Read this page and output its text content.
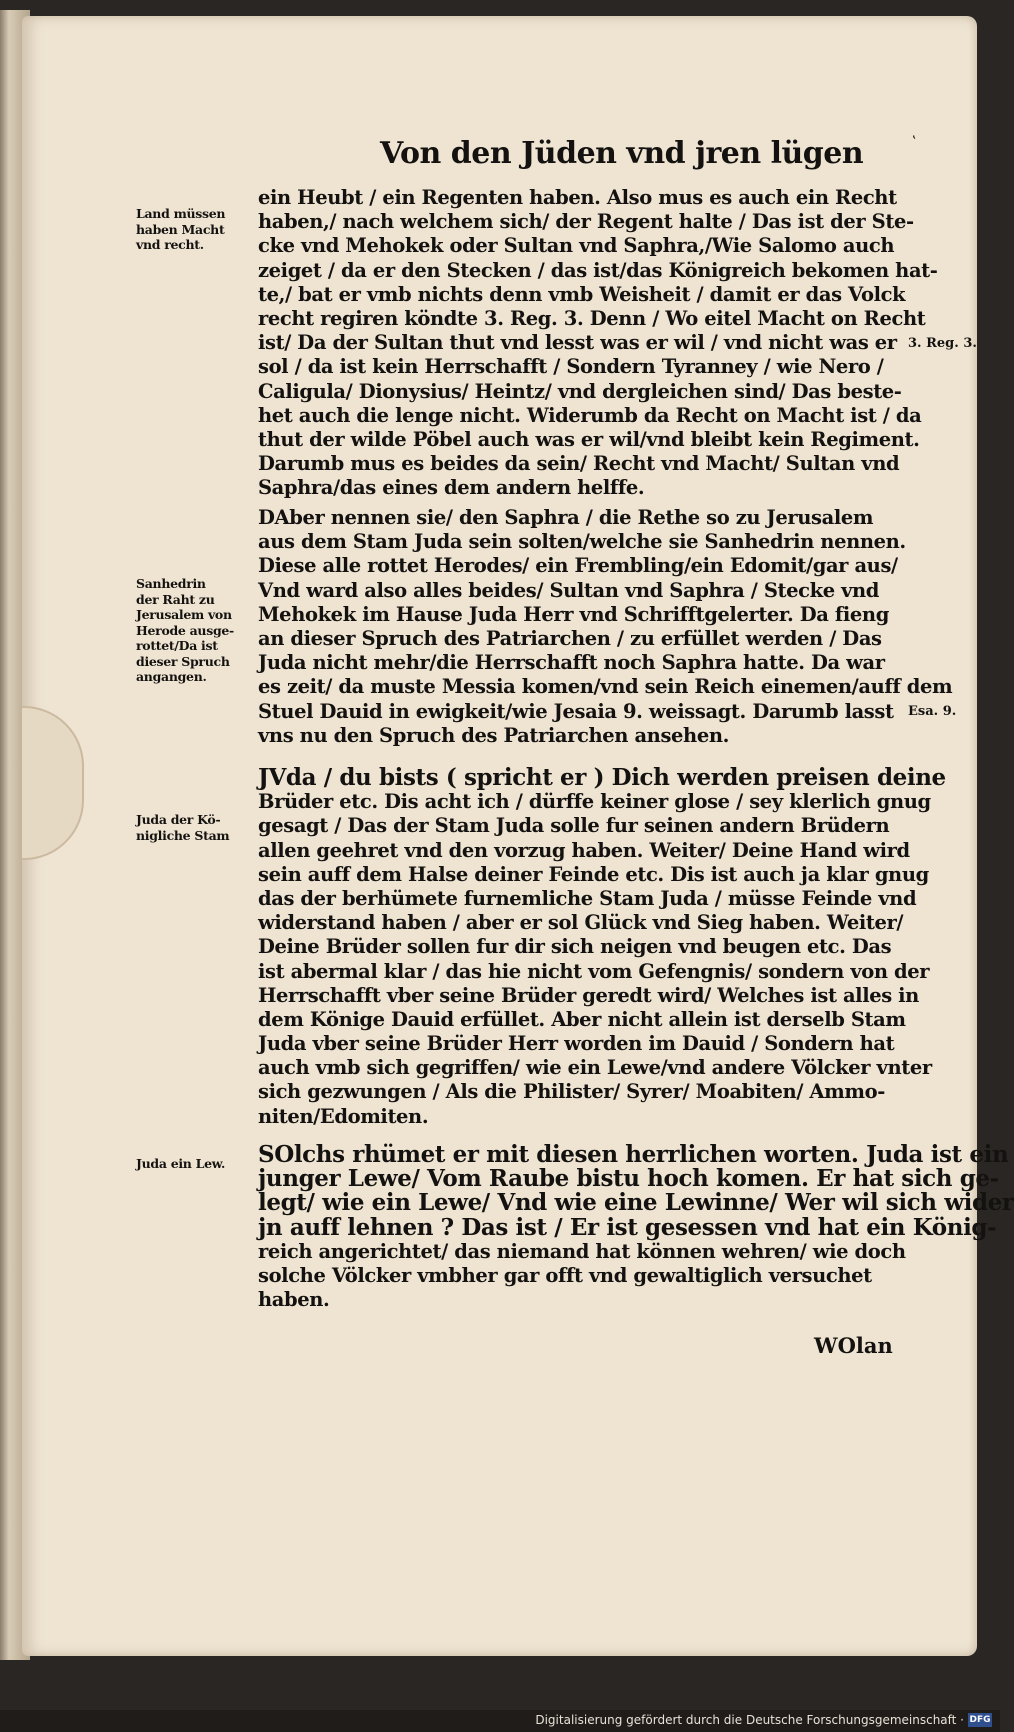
Von den Jüden vnd jren lügen	‛
ein Heubt / ein Regenten haben. Also mus es auch ein Recht
haben,/ nach welchem sich/ der Regent halte / Das ist der Ste-
cke vnd Mehokek oder Sultan vnd Saphra,/Wie Salomo auch
zeiget / da er den Stecken / das ist/das Königreich bekomen hat-
te,/ bat er vmb nichts denn vmb Weisheit / damit er das Volck
recht regiren köndte 3. Reg. 3. Denn / Wo eitel Macht on Recht
ist/ Da der Sultan thut vnd lesst was er wil / vnd nicht was er
sol / da ist kein Herrschafft / Sondern Tyranney / wie Nero /
Caligula/ Dionysius/ Heintz/ vnd dergleichen sind/ Das beste-
het auch die lenge nicht. Widerumb da Recht on Macht ist / da
thut der wilde Pöbel auch was er wil/vnd bleibt kein Regiment.
Darumb mus es beides da sein/ Recht vnd Macht/ Sultan vnd
Saphra/das eines dem andern helffe.
DAber nennen sie/ den Saphra / die Rethe so zu Jerusalem
aus dem Stam Juda sein solten/welche sie Sanhedrin nennen.
Diese alle rottet Herodes/ ein Frembling/ein Edomit/gar aus/
Vnd ward also alles beides/ Sultan vnd Saphra / Stecke vnd
Mehokek im Hause Juda Herr vnd Schrifftgelerter. Da fieng
an dieser Spruch des Patriarchen / zu erfüllet werden / Das
Juda nicht mehr/die Herrschafft noch Saphra hatte. Da war
es zeit/ da muste Messia komen/vnd sein Reich einemen/auff dem
Stuel Dauid in ewigkeit/wie Jesaia 9. weissagt. Darumb lasst
vns nu den Spruch des Patriarchen ansehen.
JVda / du bists ( spricht er ) Dich werden preisen deine
Brüder etc. Dis acht ich / dürffe keiner glose / sey klerlich gnug
gesagt / Das der Stam Juda solle fur seinen andern Brüdern
allen geehret vnd den vorzug haben. Weiter/ Deine Hand wird
sein auff dem Halse deiner Feinde etc. Dis ist auch ja klar gnug
das der berhümete furnemliche Stam Juda / müsse Feinde vnd
widerstand haben / aber er sol Glück vnd Sieg haben. Weiter/
Deine Brüder sollen fur dir sich neigen vnd beugen etc. Das
ist abermal klar / das hie nicht vom Gefengnis/ sondern von der
Herrschafft vber seine Brüder geredt wird/ Welches ist alles in
dem Könige Dauid erfüllet. Aber nicht allein ist derselb Stam
Juda vber seine Brüder Herr worden im Dauid / Sondern hat
auch vmb sich gegriffen/ wie ein Lewe/vnd andere Völcker vnter
sich gezwungen / Als die Philister/ Syrer/ Moabiten/ Ammo-
niten/Edomiten.
SOlchs rhümet er mit diesen herrlichen worten. Juda ist ein
junger Lewe/ Vom Raube bistu hoch komen. Er hat sich ge-
legt/ wie ein Lewe/ Vnd wie eine Lewinne/ Wer wil sich wider
jn auff lehnen ? Das ist / Er ist gesessen vnd hat ein König-
reich angerichtet/ das niemand hat können wehren/ wie doch
solche Völcker vmbher gar offt vnd gewaltiglich versuchet
haben.
Land müssen
haben Macht
vnd recht.
Sanhedrin
der Raht zu
Jerusalem von
Herode ausge-
rottet/Da ist
dieser Spruch
angangen.
Juda der Kö-
nigliche Stam
Juda ein Lew.
3. Reg. 3.
Esa. 9.
WOlan
Digitalisierung gefördert durch die Deutsche Forschungsgemeinschaft · DFG
